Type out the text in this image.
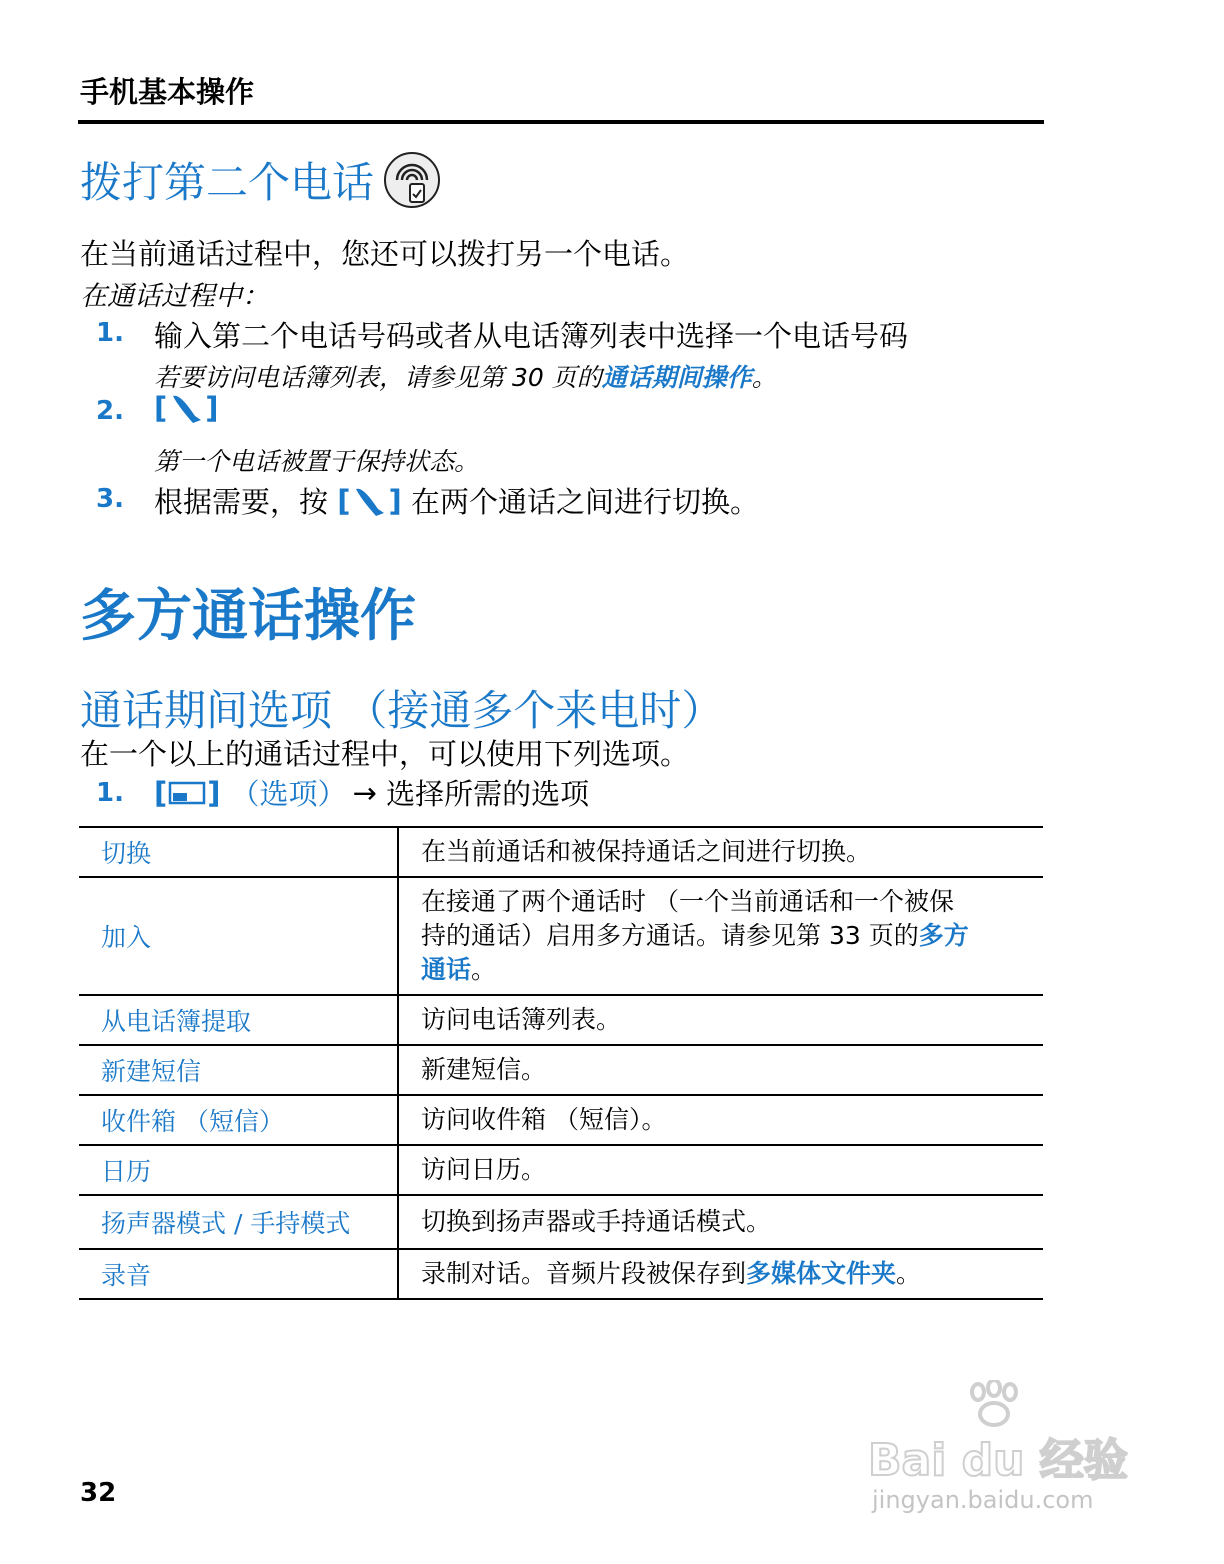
手机基本操作
拨打第二个电话
在当前通话过程中，您还可以拨打另一个电话。
在通话过程中：
1. 输入第二个电话号码或者从电话簿列表中选择一个电话号码
若要访问电话簿列表，请参见第 30 页的通话期间操作。
2. [ ]
第一个电话被置于保持状态。
3. 根据需要，按 [ ] 在两个通话之间进行切换。
多方通话操作
通话期间选项 （接通多个来电时）
在一个以上的通话过程中，可以使用下列选项。
1. [ ] （选项） → 选择所需的选项
切换	在当前通话和被保持通话之间进行切换。
加入	在接通了两个通话时 （一个当前通话和一个被保
持的通话）启用多方通话。请参见第 33 页的多方
通话。

从电话簿提取	访问电话簿列表。
新建短信	新建短信。
收件箱 （短信）	访问收件箱 （短信）。
日历	访问日历。
扬声器模式 / 手持模式	切换到扬声器或手持通话模式。
录音	录制对话。音频片段被保存到多媒体文件夹。
32
Bai du 经验
jingyan.baidu.com
